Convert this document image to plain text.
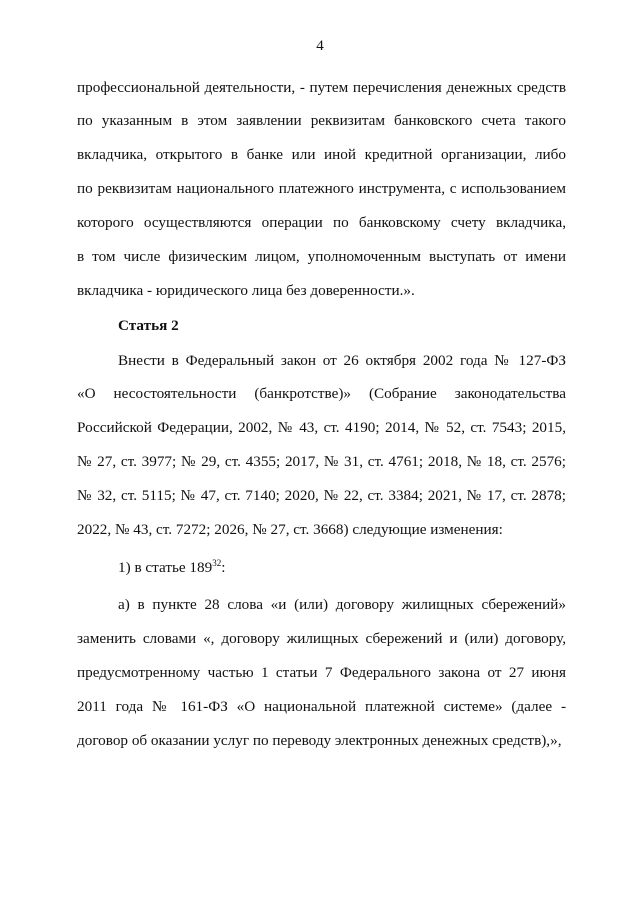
4
профессиональной деятельности, - путем перечисления денежных средств
по указанным в этом заявлении реквизитам банковского счета такого
вкладчика, открытого в банке или иной кредитной организации, либо
по реквизитам национального платежного инструмента, с использованием
которого осуществляются операции по банковскому счету вкладчика,
в том числе физическим лицом, уполномоченным выступать от имени
вкладчика - юридического лица без доверенности.».
Статья 2
Внести в Федеральный закон от 26 октября 2002 года № 127-ФЗ
«О несостоятельности (банкротстве)» (Собрание законодательства
Российской Федерации, 2002, № 43, ст. 4190; 2014, № 52, ст. 7543; 2015,
№ 27, ст. 3977; № 29, ст. 4355; 2017, № 31, ст. 4761; 2018, № 18, ст. 2576;
№ 32, ст. 5115; № 47, ст. 7140; 2020, № 22, ст. 3384; 2021, № 17, ст. 2878;
2022, № 43, ст. 7272; 2026, № 27, ст. 3668) следующие изменения:
1) в статье $189^{32}$:
а) в пункте 28 слова «и (или) договору жилищных сбережений»
заменить словами «, договору жилищных сбережений и (или) договору,
предусмотренному частью 1 статьи 7 Федерального закона от 27 июня
2011 года № 161-ФЗ «О национальной платежной системе» (далее -
договор об оказании услуг по переводу электронных денежных средств),»,
